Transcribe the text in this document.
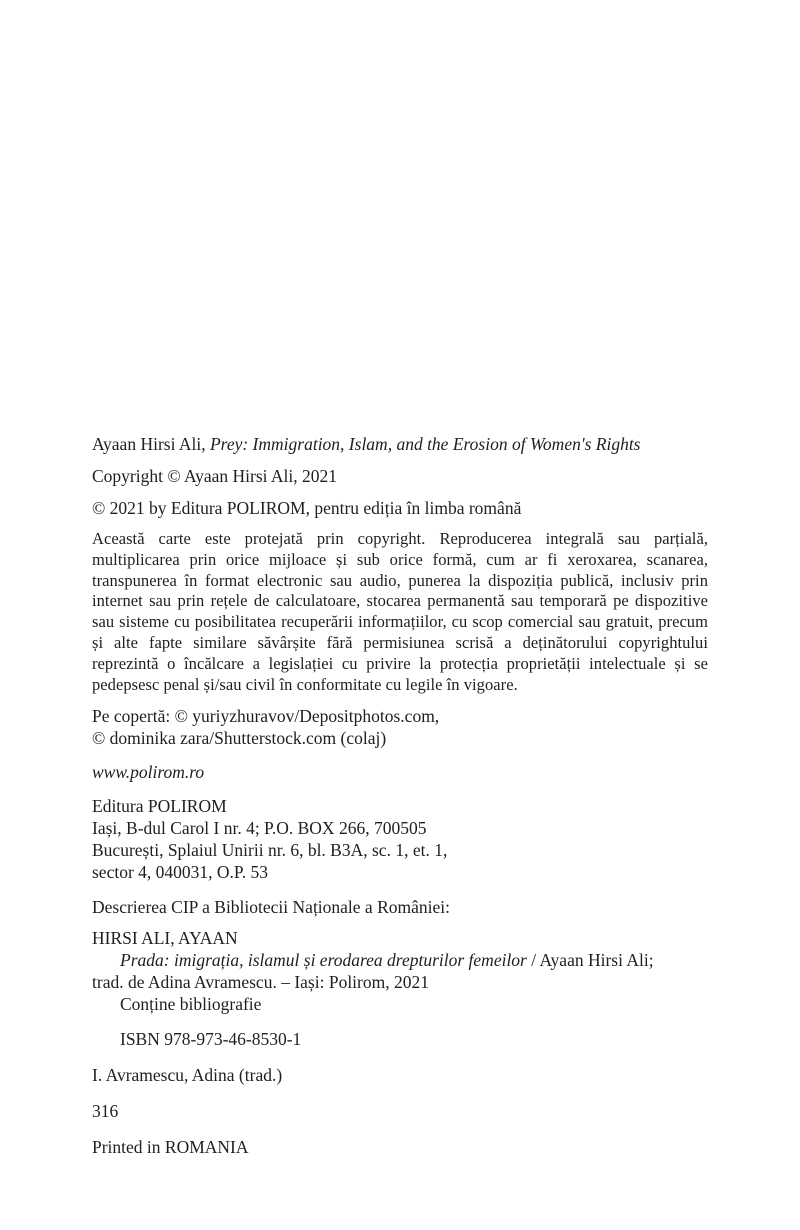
Ayaan Hirsi Ali, Prey: Immigration, Islam, and the Erosion of Women's Rights

Copyright © Ayaan Hirsi Ali, 2021

© 2021 by Editura POLIROM, pentru ediția în limba română

Această carte este protejată prin copyright. Reproducerea integrală sau parțială, multiplicarea prin orice mijloace și sub orice formă, cum ar fi xeroxarea, scanarea, transpunerea în format electronic sau audio, punerea la dispoziția publică, inclusiv prin internet sau prin rețele de calculatoare, stocarea permanentă sau temporară pe dispozitive sau sisteme cu posibilitatea recuperării informațiilor, cu scop comercial sau gratuit, precum și alte fapte similare săvârșite fără permisiunea scrisă a deținătorului copyrightului reprezintă o încălcare a legislației cu privire la protecția proprietății intelectuale și se pedepsesc penal și/sau civil în conformitate cu legile în vigoare.

Pe copertă: © yuriyzhuravov/Depositphotos.com,
© dominika zara/Shutterstock.com (colaj)

www.polirom.ro

Editura POLIROM
Iași, B-dul Carol I nr. 4; P.O. BOX 266, 700505
București, Splaiul Unirii nr. 6, bl. B3A, sc. 1, et. 1,
sector 4, 040031, O.P. 53

Descrierea CIP a Bibliotecii Naționale a României:

HIRSI ALI, AYAAN
Prada: imigrația, islamul și erodarea drepturilor femeilor / Ayaan Hirsi Ali;
trad. de Adina Avramescu. – Iași: Polirom, 2021
Conține bibliografie

ISBN 978-973-46-8530-1

I. Avramescu, Adina (trad.)

316

Printed in ROMANIA
